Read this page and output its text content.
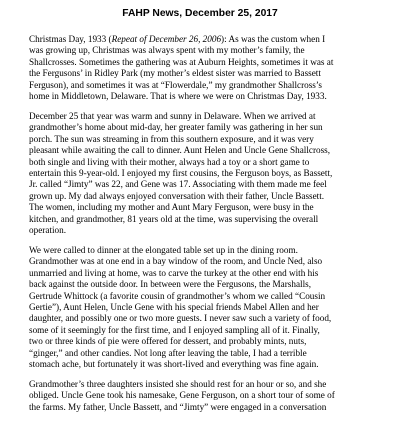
FAHP News, December 25, 2017

Christmas Day, 1933 (Repeat of December 26, 2006): As was the custom when I
was growing up, Christmas was always spent with my mother’s family, the
Shallcrosses. Sometimes the gathering was at Auburn Heights, sometimes it was at
the Fergusons’ in Ridley Park (my mother’s eldest sister was married to Bassett
Ferguson), and sometimes it was at “Flowerdale,” my grandmother Shallcross’s
home in Middletown, Delaware. That is where we were on Christmas Day, 1933.

December 25 that year was warm and sunny in Delaware. When we arrived at
grandmother’s home about mid-day, her greater family was gathering in her sun
porch. The sun was streaming in from this southern exposure, and it was very
pleasant while awaiting the call to dinner. Aunt Helen and Uncle Gene Shallcross,
both single and living with their mother, always had a toy or a short game to
entertain this 9-year-old. I enjoyed my first cousins, the Ferguson boys, as Bassett,
Jr. called “Jimty” was 22, and Gene was 17. Associating with them made me feel
grown up. My dad always enjoyed conversation with their father, Uncle Bassett.
The women, including my mother and Aunt Mary Ferguson, were busy in the
kitchen, and grandmother, 81 years old at the time, was supervising the overall
operation.

We were called to dinner at the elongated table set up in the dining room.
Grandmother was at one end in a bay window of the room, and Uncle Ned, also
unmarried and living at home, was to carve the turkey at the other end with his
back against the outside door. In between were the Fergusons, the Marshalls,
Gertrude Whittock (a favorite cousin of grandmother’s whom we called “Cousin
Gertie”), Aunt Helen, Uncle Gene with his special friends Mabel Allen and her
daughter, and possibly one or two more guests. I never saw such a variety of food,
some of it seemingly for the first time, and I enjoyed sampling all of it. Finally,
two or three kinds of pie were offered for dessert, and probably mints, nuts,
“ginger,” and other candies. Not long after leaving the table, I had a terrible
stomach ache, but fortunately it was short-lived and everything was fine again.

Grandmother’s three daughters insisted she should rest for an hour or so, and she
obliged. Uncle Gene took his namesake, Gene Ferguson, on a short tour of some of
the farms. My father, Uncle Bassett, and “Jimty” were engaged in a conversation
